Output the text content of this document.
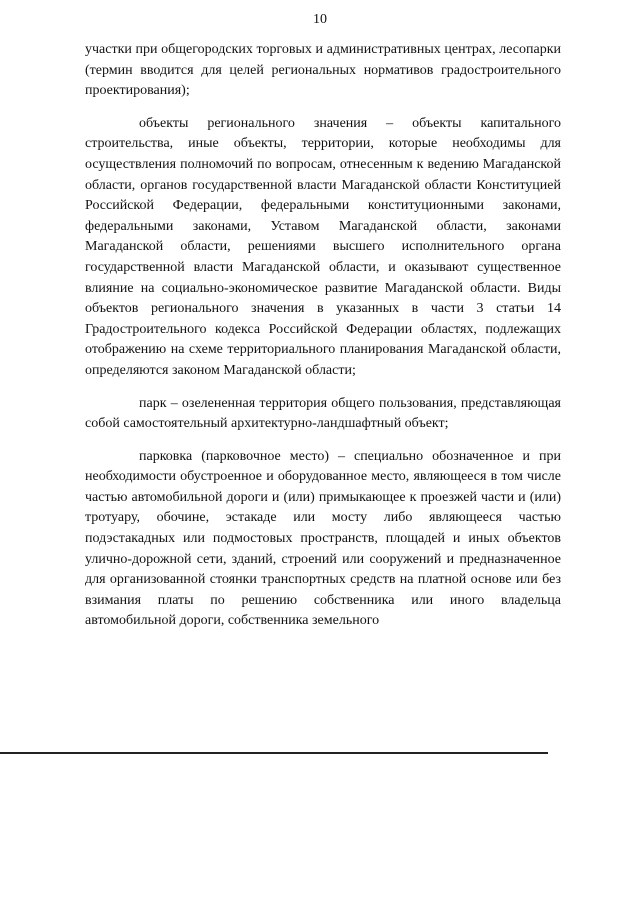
10

участки при общегородских торговых и административных центрах, лесопарки (термин вводится для целей региональных нормативов градостроительного проектирования);

объекты регионального значения – объекты капитального строительства, иные объекты, территории, которые необходимы для осуществления полномочий по вопросам, отнесенным к ведению Магаданской области, органов государственной власти Магаданской области Конституцией Российской Федерации, федеральными конституционными законами, федеральными законами, Уставом Магаданской области, законами Магаданской области, решениями высшего исполнительного органа государственной власти Магаданской области, и оказывают существенное влияние на социально-экономическое развитие Магаданской области. Виды объектов регионального значения в указанных в части 3 статьи 14 Градостроительного кодекса Российской Федерации областях, подлежащих отображению на схеме территориального планирования Магаданской области, определяются законом Магаданской области;

парк – озелененная территория общего пользования, представляющая собой самостоятельный архитектурно-ландшафтный объект;

парковка (парковочное место) – специально обозначенное и при необходимости обустроенное и оборудованное место, являющееся в том числе частью автомобильной дороги и (или) примыкающее к проезжей части и (или) тротуару, обочине, эстакаде или мосту либо являющееся частью подэстакадных или подмостовых пространств, площадей и иных объектов улично-дорожной сети, зданий, строений или сооружений и предназначенное для организованной стоянки транспортных средств на платной основе или без взимания платы по решению собственника или иного владельца автомобильной дороги, собственника земельного
